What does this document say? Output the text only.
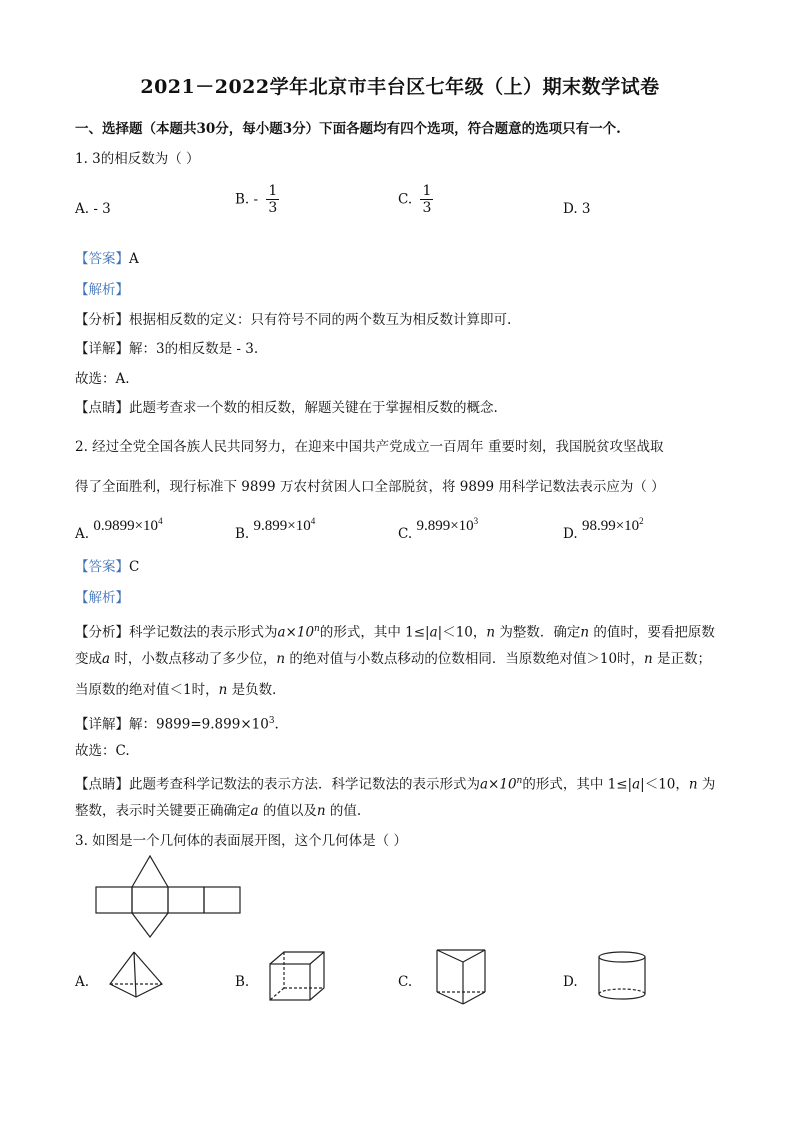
2021－2022学年北京市丰台区七年级（上）期末数学试卷
一、选择题（本题共30分，每小题3分）下面各题均有四个选项，符合题意的选项只有一个.
1. 3的相反数为（ ）
A. - 3
B. - $\frac{1}{3}$	C. $\frac{1}{3}$	D. 3
【答案】A
【解析】
【分析】根据相反数的定义：只有符号不同的两个数互为相反数计算即可.
【详解】解：3的相反数是 - 3.
故选：A.
【点睛】此题考查求一个数的相反数，解题关键在于掌握相反数的概念.
2. 经过全党全国各族人民共同努力，在迎来中国共产党成立一百周年 重要时刻，我国脱贫攻坚战取
得了全面胜利，现行标准下 9899 万农村贫困人口全部脱贫，将 9899 用科学记数法表示应为（ ）
A. $0.9899\times 10^4$
B. $9.899\times 10^4$
C. $9.899\times 10^3$
D. $98.99\times 10^2$
【答案】C
【解析】
【分析】科学记数法的表示形式为$a\times 10^n$的形式，其中 1≤|a|＜10，n 为整数．确定n 的值时，要看把原数
变成a 时，小数点移动了多少位，n 的绝对值与小数点移动的位数相同．当原数绝对值＞10时，n 是正数；
当原数的绝对值＜1时，n 是负数．
【详解】解：$9899=9.899\times 10^3$.
故选：C.
【点睛】此题考查科学记数法的表示方法．科学记数法的表示形式为$a\times 10^n$的形式，其中 1≤|a|＜10，n 为
整数，表示时关键要正确确定a 的值以及n 的值.
3. 如图是一个几何体的表面展开图，这个几何体是（ ）
A.	B.	C.	D.
